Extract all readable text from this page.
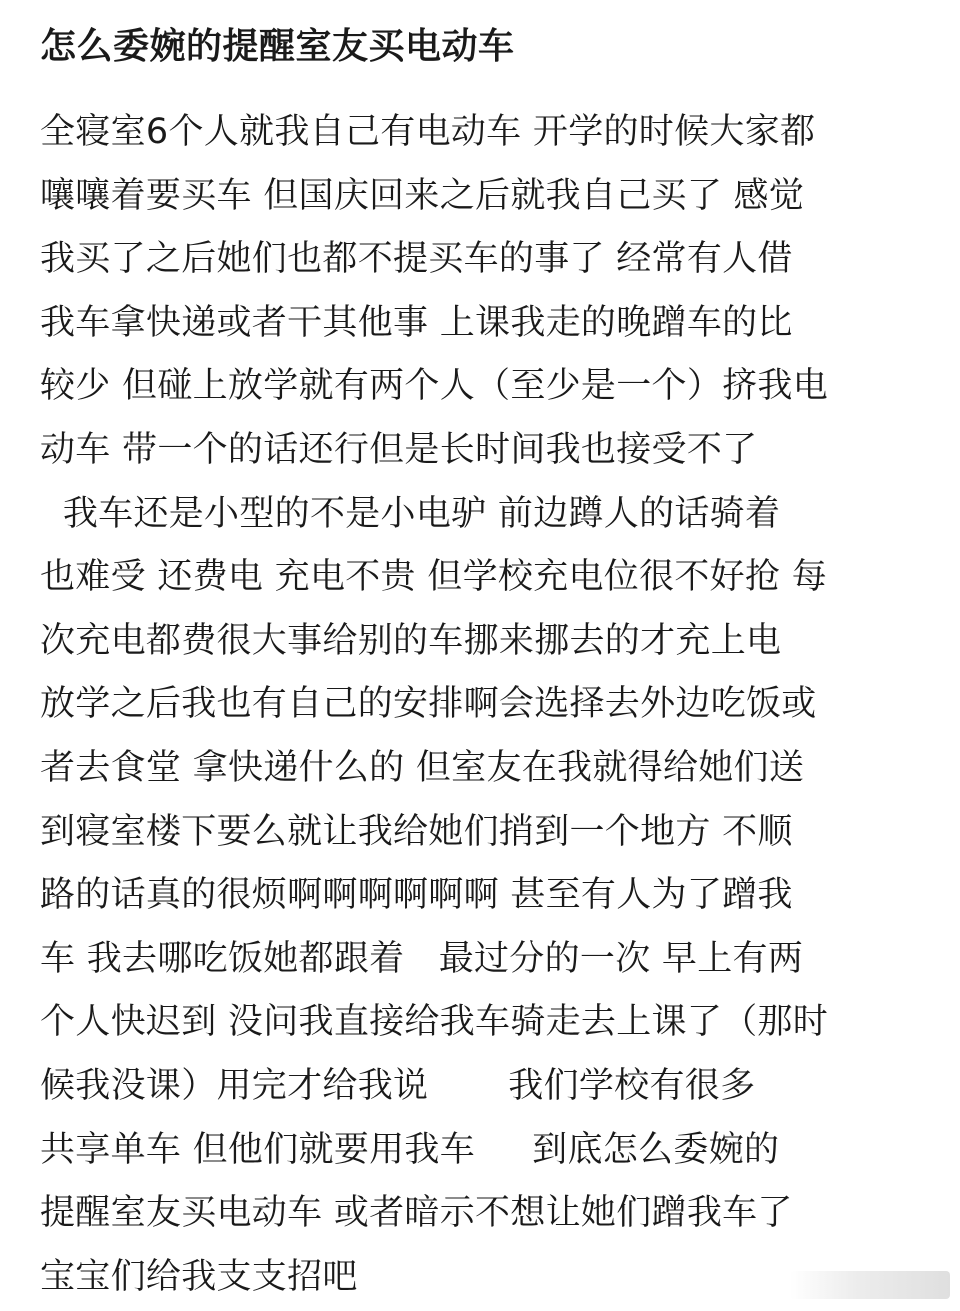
怎么委婉的提醒室友买电动车
全寝室6个人就我自己有电动车 开学的时候大家都
嚷嚷着要买车 但国庆回来之后就我自己买了 感觉
我买了之后她们也都不提买车的事了 经常有人借
我车拿快递或者干其他事 上课我走的晚蹭车的比
较少 但碰上放学就有两个人（至少是一个）挤我电
动车 带一个的话还行但是长时间我也接受不了
我车还是小型的不是小电驴 前边蹲人的话骑着
也难受 还费电 充电不贵 但学校充电位很不好抢 每
次充电都费很大事给别的车挪来挪去的才充上电
放学之后我也有自己的安排啊会选择去外边吃饭或
者去食堂 拿快递什么的 但室友在我就得给她们送
到寝室楼下要么就让我给她们捎到一个地方 不顺
路的话真的很烦啊啊啊啊啊啊 甚至有人为了蹭我
车 我去哪吃饭她都跟着   最过分的一次 早上有两
个人快迟到 没问我直接给我车骑走去上课了（那时
候我没课）用完才给我说       我们学校有很多
共享单车 但他们就要用我车     到底怎么委婉的
提醒室友买电动车 或者暗示不想让她们蹭我车了
宝宝们给我支支招吧
